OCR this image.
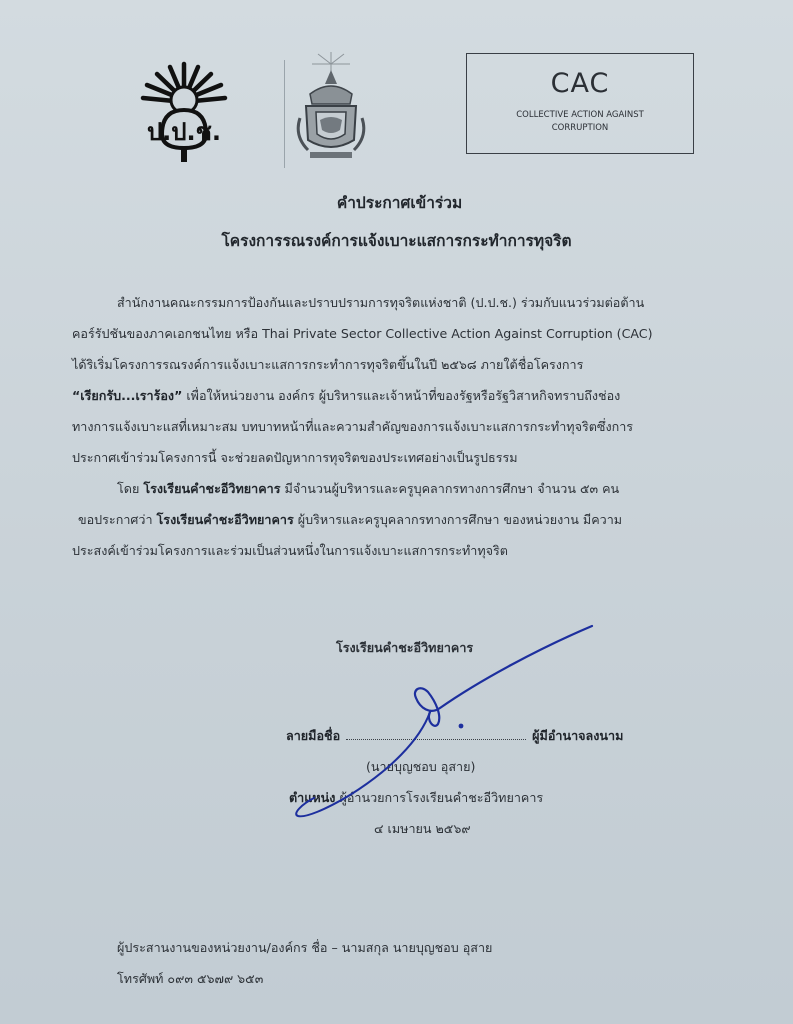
ป.ป.ช.
CAC
COLLECTIVE ACTION AGAINST CORRUPTION
คำประกาศเข้าร่วม
โครงการรณรงค์การแจ้งเบาะแสการกระทำการทุจริต
สำนักงานคณะกรรมการป้องกันและปราบปรามการทุจริตแห่งชาติ (ป.ป.ช.) ร่วมกับแนวร่วมต่อต้าน
คอร์รัปชันของภาคเอกชนไทย หรือ Thai Private Sector Collective Action Against Corruption (CAC)
ได้ริเริ่มโครงการรณรงค์การแจ้งเบาะแสการกระทำการทุจริตขึ้นในปี ๒๕๖๘ ภายใต้ชื่อโครงการ
“เรียกรับ...เราร้อง” เพื่อให้หน่วยงาน องค์กร ผู้บริหารและเจ้าหน้าที่ของรัฐหรือรัฐวิสาหกิจทราบถึงช่อง
ทางการแจ้งเบาะแสที่เหมาะสม บทบาทหน้าที่และความสำคัญของการแจ้งเบาะแสการกระทำทุจริตซึ่งการ
ประกาศเข้าร่วมโครงการนี้ จะช่วยลดปัญหาการทุจริตของประเทศอย่างเป็นรูปธรรม
โดย โรงเรียนคำชะอีวิทยาคาร มีจำนวนผู้บริหารและครูบุคลากรทางการศึกษา จำนวน ๕๓ คน
ขอประกาศว่า โรงเรียนคำชะอีวิทยาคาร ผู้บริหารและครูบุคลากรทางการศึกษา ของหน่วยงาน มีความ
ประสงค์เข้าร่วมโครงการและร่วมเป็นส่วนหนึ่งในการแจ้งเบาะแสการกระทำทุจริต
โรงเรียนคำชะอีวิทยาคาร
ลายมือชื่อ	ผู้มีอำนาจลงนาม
(นายบุญชอบ อุสาย)
ตำแหน่ง ผู้อำนวยการโรงเรียนคำชะอีวิทยาคาร
๔ เมษายน ๒๕๖๙
ผู้ประสานงานของหน่วยงาน/องค์กร ชื่อ – นามสกุล นายบุญชอบ อุสาย
โทรศัพท์ ๐๙๓ ๕๖๗๙ ๖๕๓
